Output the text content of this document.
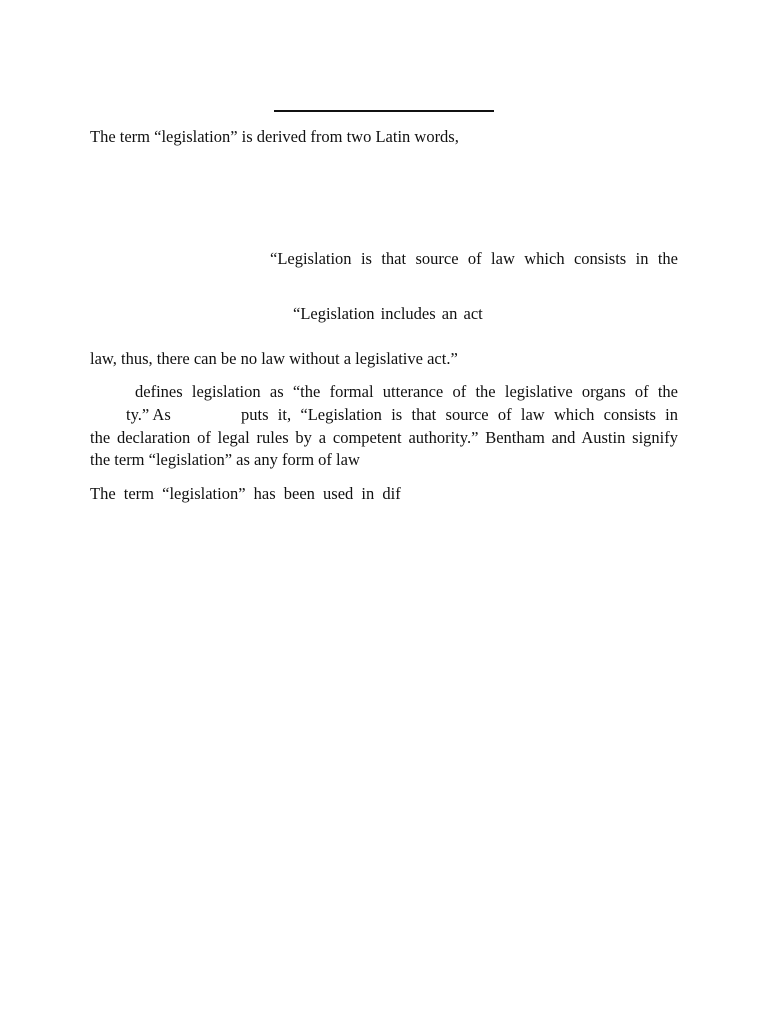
The term “legislation” is derived from two Latin words,

“Legislation is that source of law which consists in the

“Legislation includes an act

law, thus, there can be no law without a legislative act.”

defines legislation as “the formal utterance of the legislative organs of the

ty.” As	puts it, “Legislation is that source of law which consists in

the declaration of legal rules by a competent authority.” Bentham and Austin signify

the term “legislation” as any form of law

The term “legislation” has been used in dif
